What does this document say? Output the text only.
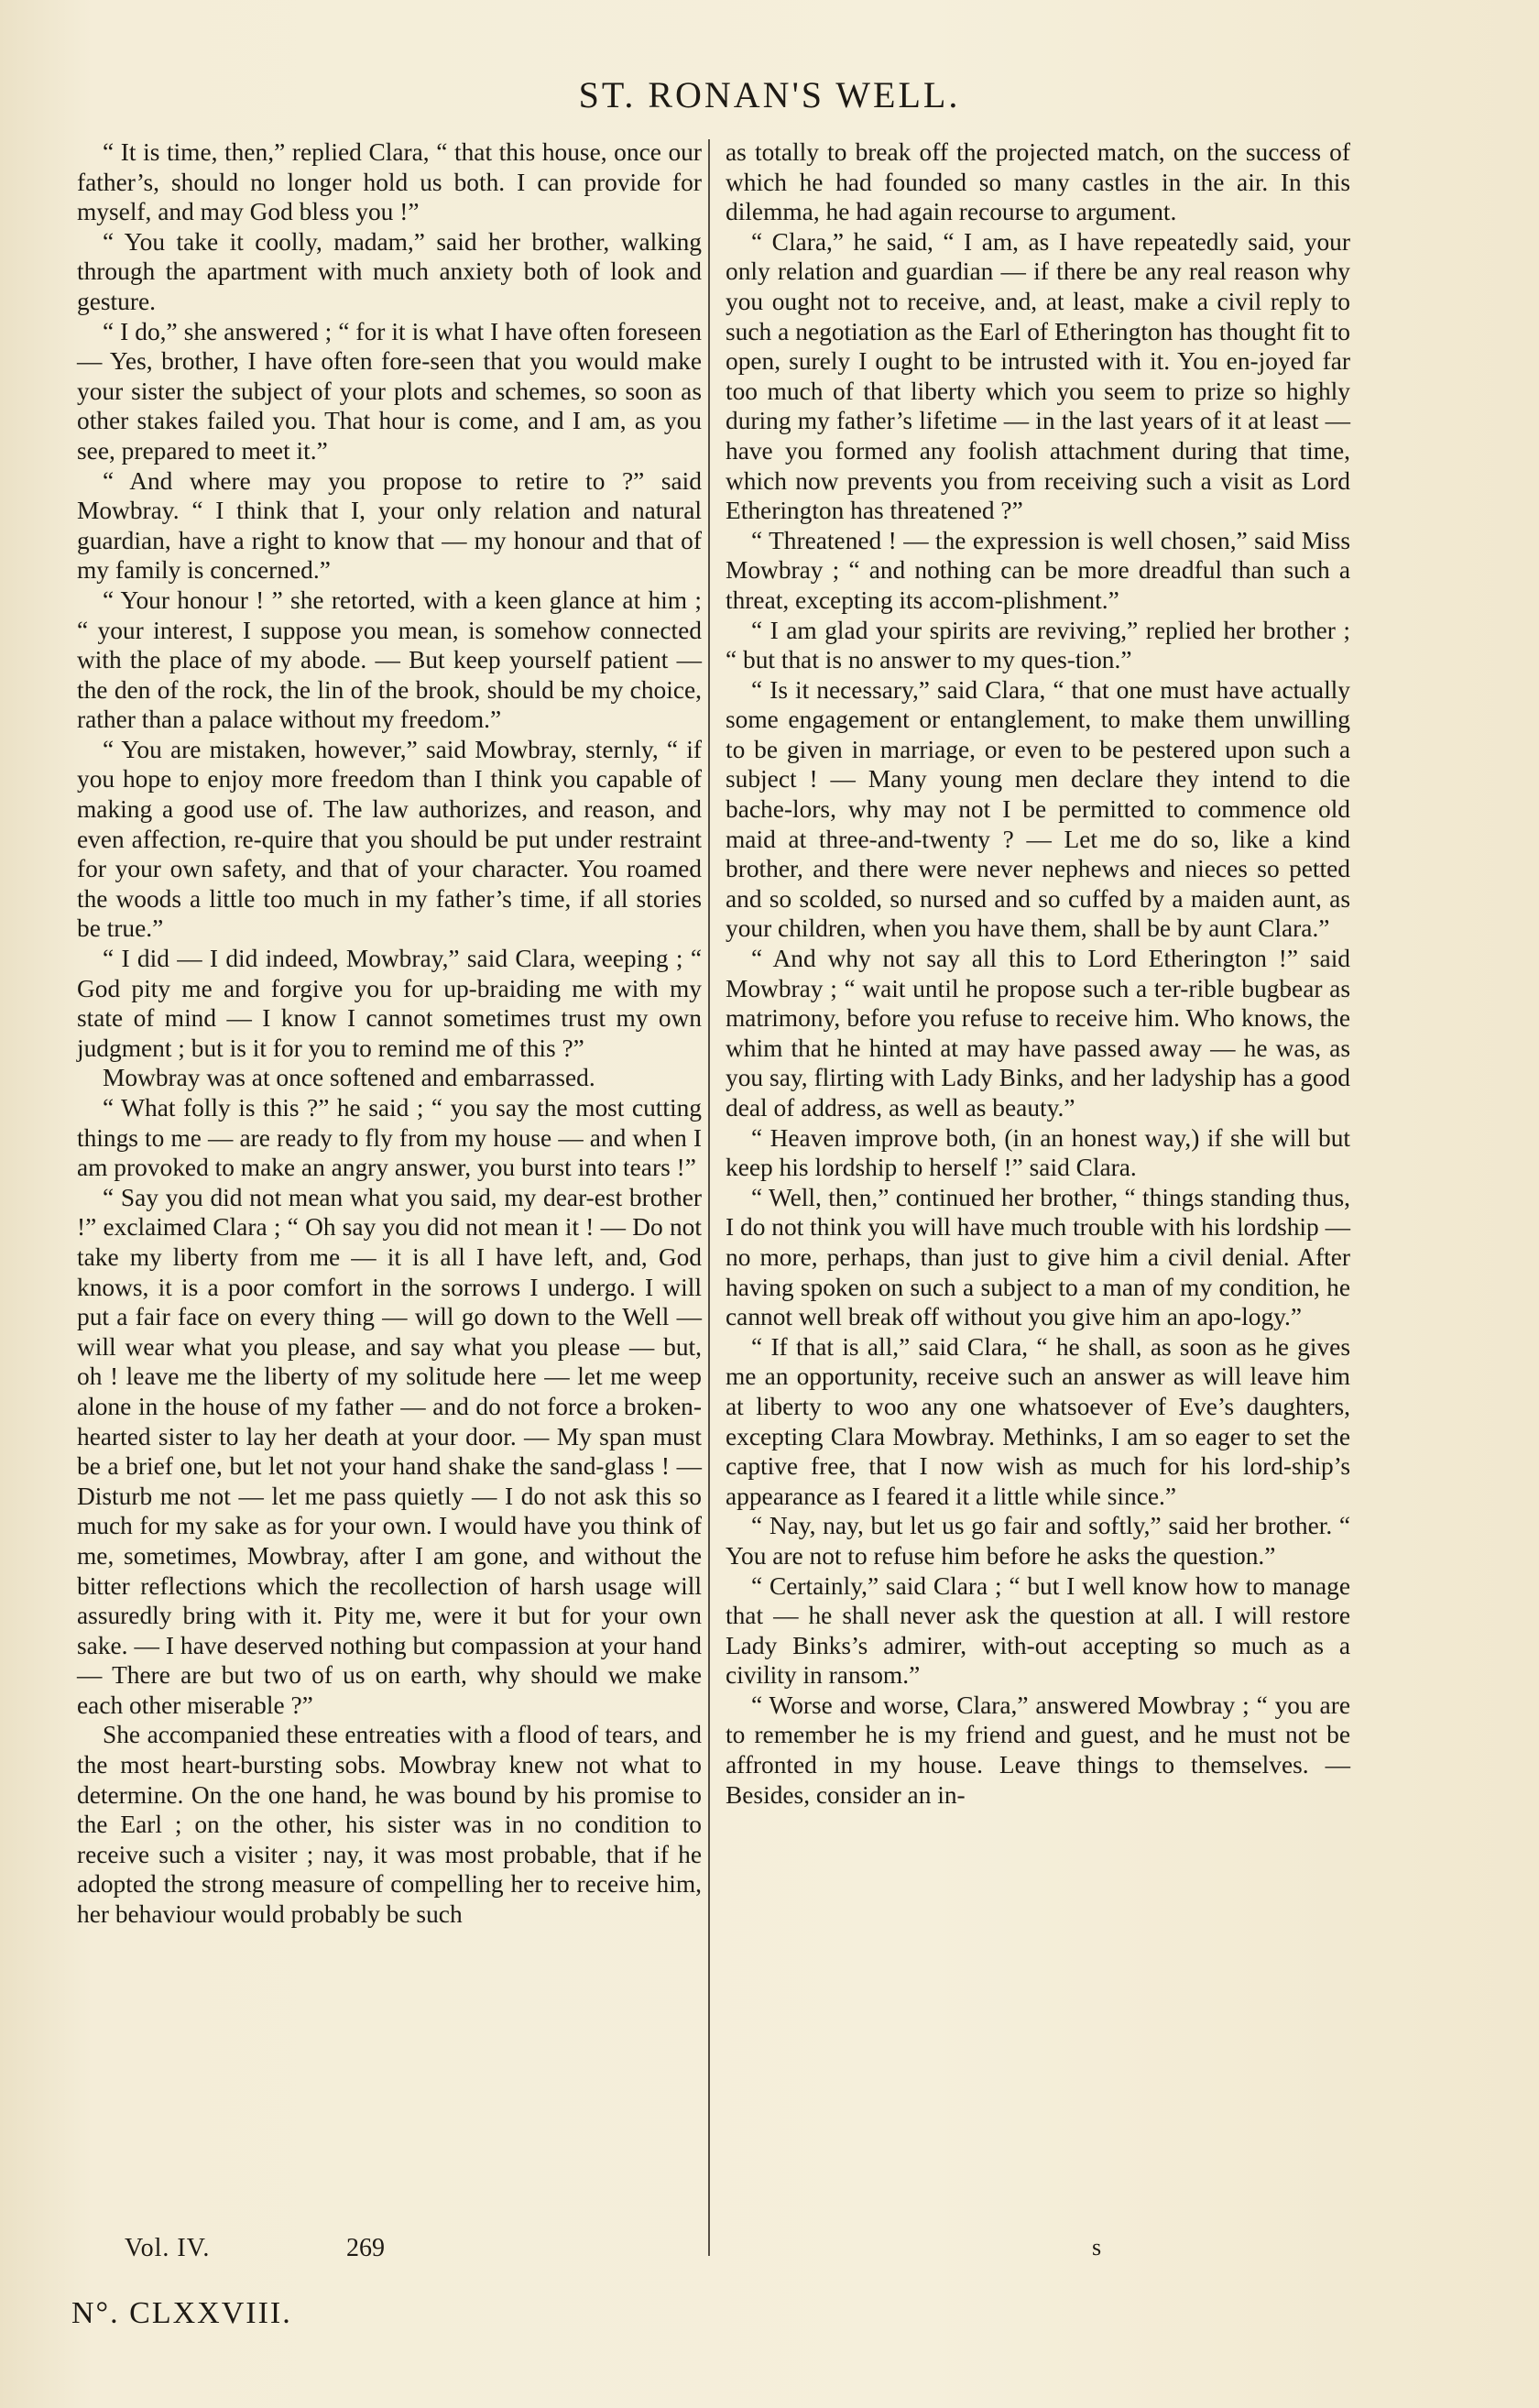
ST. RONAN'S WELL.

“ It is time, then,” replied Clara, “ that this house, once our father’s, should no longer hold us both. I can provide for myself, and may God bless you !”

“ You take it coolly, madam,” said her brother, walking through the apartment with much anxiety both of look and gesture.

“ I do,” she answered ; “ for it is what I have often foreseen — Yes, brother, I have often fore-seen that you would make your sister the subject of your plots and schemes, so soon as other stakes failed you. That hour is come, and I am, as you see, prepared to meet it.”

“ And where may you propose to retire to ?” said Mowbray. “ I think that I, your only relation and natural guardian, have a right to know that — my honour and that of my family is concerned.”

“ Your honour ! ” she retorted, with a keen glance at him ; “ your interest, I suppose you mean, is somehow connected with the place of my abode. — But keep yourself patient — the den of the rock, the lin of the brook, should be my choice, rather than a palace without my freedom.”

“ You are mistaken, however,” said Mowbray, sternly, “ if you hope to enjoy more freedom than I think you capable of making a good use of. The law authorizes, and reason, and even affection, re-quire that you should be put under restraint for your own safety, and that of your character. You roamed the woods a little too much in my father’s time, if all stories be true.”

“ I did — I did indeed, Mowbray,” said Clara, weeping ; “ God pity me and forgive you for up-braiding me with my state of mind — I know I cannot sometimes trust my own judgment ; but is it for you to remind me of this ?”

Mowbray was at once softened and embarrassed.

“ What folly is this ?” he said ; “ you say the most cutting things to me — are ready to fly from my house — and when I am provoked to make an angry answer, you burst into tears !”

“ Say you did not mean what you said, my dear-est brother !” exclaimed Clara ; “ Oh say you did not mean it ! — Do not take my liberty from me — it is all I have left, and, God knows, it is a poor comfort in the sorrows I undergo. I will put a fair face on every thing — will go down to the Well — will wear what you please, and say what you please — but, oh ! leave me the liberty of my solitude here — let me weep alone in the house of my father — and do not force a broken-hearted sister to lay her death at your door. — My span must be a brief one, but let not your hand shake the sand-glass ! — Disturb me not — let me pass quietly — I do not ask this so much for my sake as for your own. I would have you think of me, sometimes, Mowbray, after I am gone, and without the bitter reflections which the recollection of harsh usage will assuredly bring with it. Pity me, were it but for your own sake. — I have deserved nothing but compassion at your hand — There are but two of us on earth, why should we make each other miserable ?”

She accompanied these entreaties with a flood of tears, and the most heart-bursting sobs. Mowbray knew not what to determine. On the one hand, he was bound by his promise to the Earl ; on the other, his sister was in no condition to receive such a visiter ; nay, it was most probable, that if he adopted the strong measure of compelling her to receive him, her behaviour would probably be such

as totally to break off the projected match, on the success of which he had founded so many castles in the air. In this dilemma, he had again recourse to argument.

“ Clara,” he said, “ I am, as I have repeatedly said, your only relation and guardian — if there be any real reason why you ought not to receive, and, at least, make a civil reply to such a negotiation as the Earl of Etherington has thought fit to open, surely I ought to be intrusted with it. You en-joyed far too much of that liberty which you seem to prize so highly during my father’s lifetime — in the last years of it at least — have you formed any foolish attachment during that time, which now prevents you from receiving such a visit as Lord Etherington has threatened ?”

“ Threatened ! — the expression is well chosen,” said Miss Mowbray ; “ and nothing can be more dreadful than such a threat, excepting its accom-plishment.”

“ I am glad your spirits are reviving,” replied her brother ; “ but that is no answer to my ques-tion.”

“ Is it necessary,” said Clara, “ that one must have actually some engagement or entanglement, to make them unwilling to be given in marriage, or even to be pestered upon such a subject ! — Many young men declare they intend to die bache-lors, why may not I be permitted to commence old maid at three-and-twenty ? — Let me do so, like a kind brother, and there were never nephews and nieces so petted and so scolded, so nursed and so cuffed by a maiden aunt, as your children, when you have them, shall be by aunt Clara.”

“ And why not say all this to Lord Etherington !” said Mowbray ; “ wait until he propose such a ter-rible bugbear as matrimony, before you refuse to receive him. Who knows, the whim that he hinted at may have passed away — he was, as you say, flirting with Lady Binks, and her ladyship has a good deal of address, as well as beauty.”

“ Heaven improve both, (in an honest way,) if she will but keep his lordship to herself !” said Clara.

“ Well, then,” continued her brother, “ things standing thus, I do not think you will have much trouble with his lordship — no more, perhaps, than just to give him a civil denial. After having spoken on such a subject to a man of my condition, he cannot well break off without you give him an apo-logy.”

“ If that is all,” said Clara, “ he shall, as soon as he gives me an opportunity, receive such an answer as will leave him at liberty to woo any one whatsoever of Eve’s daughters, excepting Clara Mowbray. Methinks, I am so eager to set the captive free, that I now wish as much for his lord-ship’s appearance as I feared it a little while since.”

“ Nay, nay, but let us go fair and softly,” said her brother. “ You are not to refuse him before he asks the question.”

“ Certainly,” said Clara ; “ but I well know how to manage that — he shall never ask the question at all. I will restore Lady Binks’s admirer, with-out accepting so much as a civility in ransom.”

“ Worse and worse, Clara,” answered Mowbray ; “ you are to remember he is my friend and guest, and he must not be affronted in my house. Leave things to themselves. — Besides, consider an in-

Vol. IV.	269	s
N°. CLXXVIII.
